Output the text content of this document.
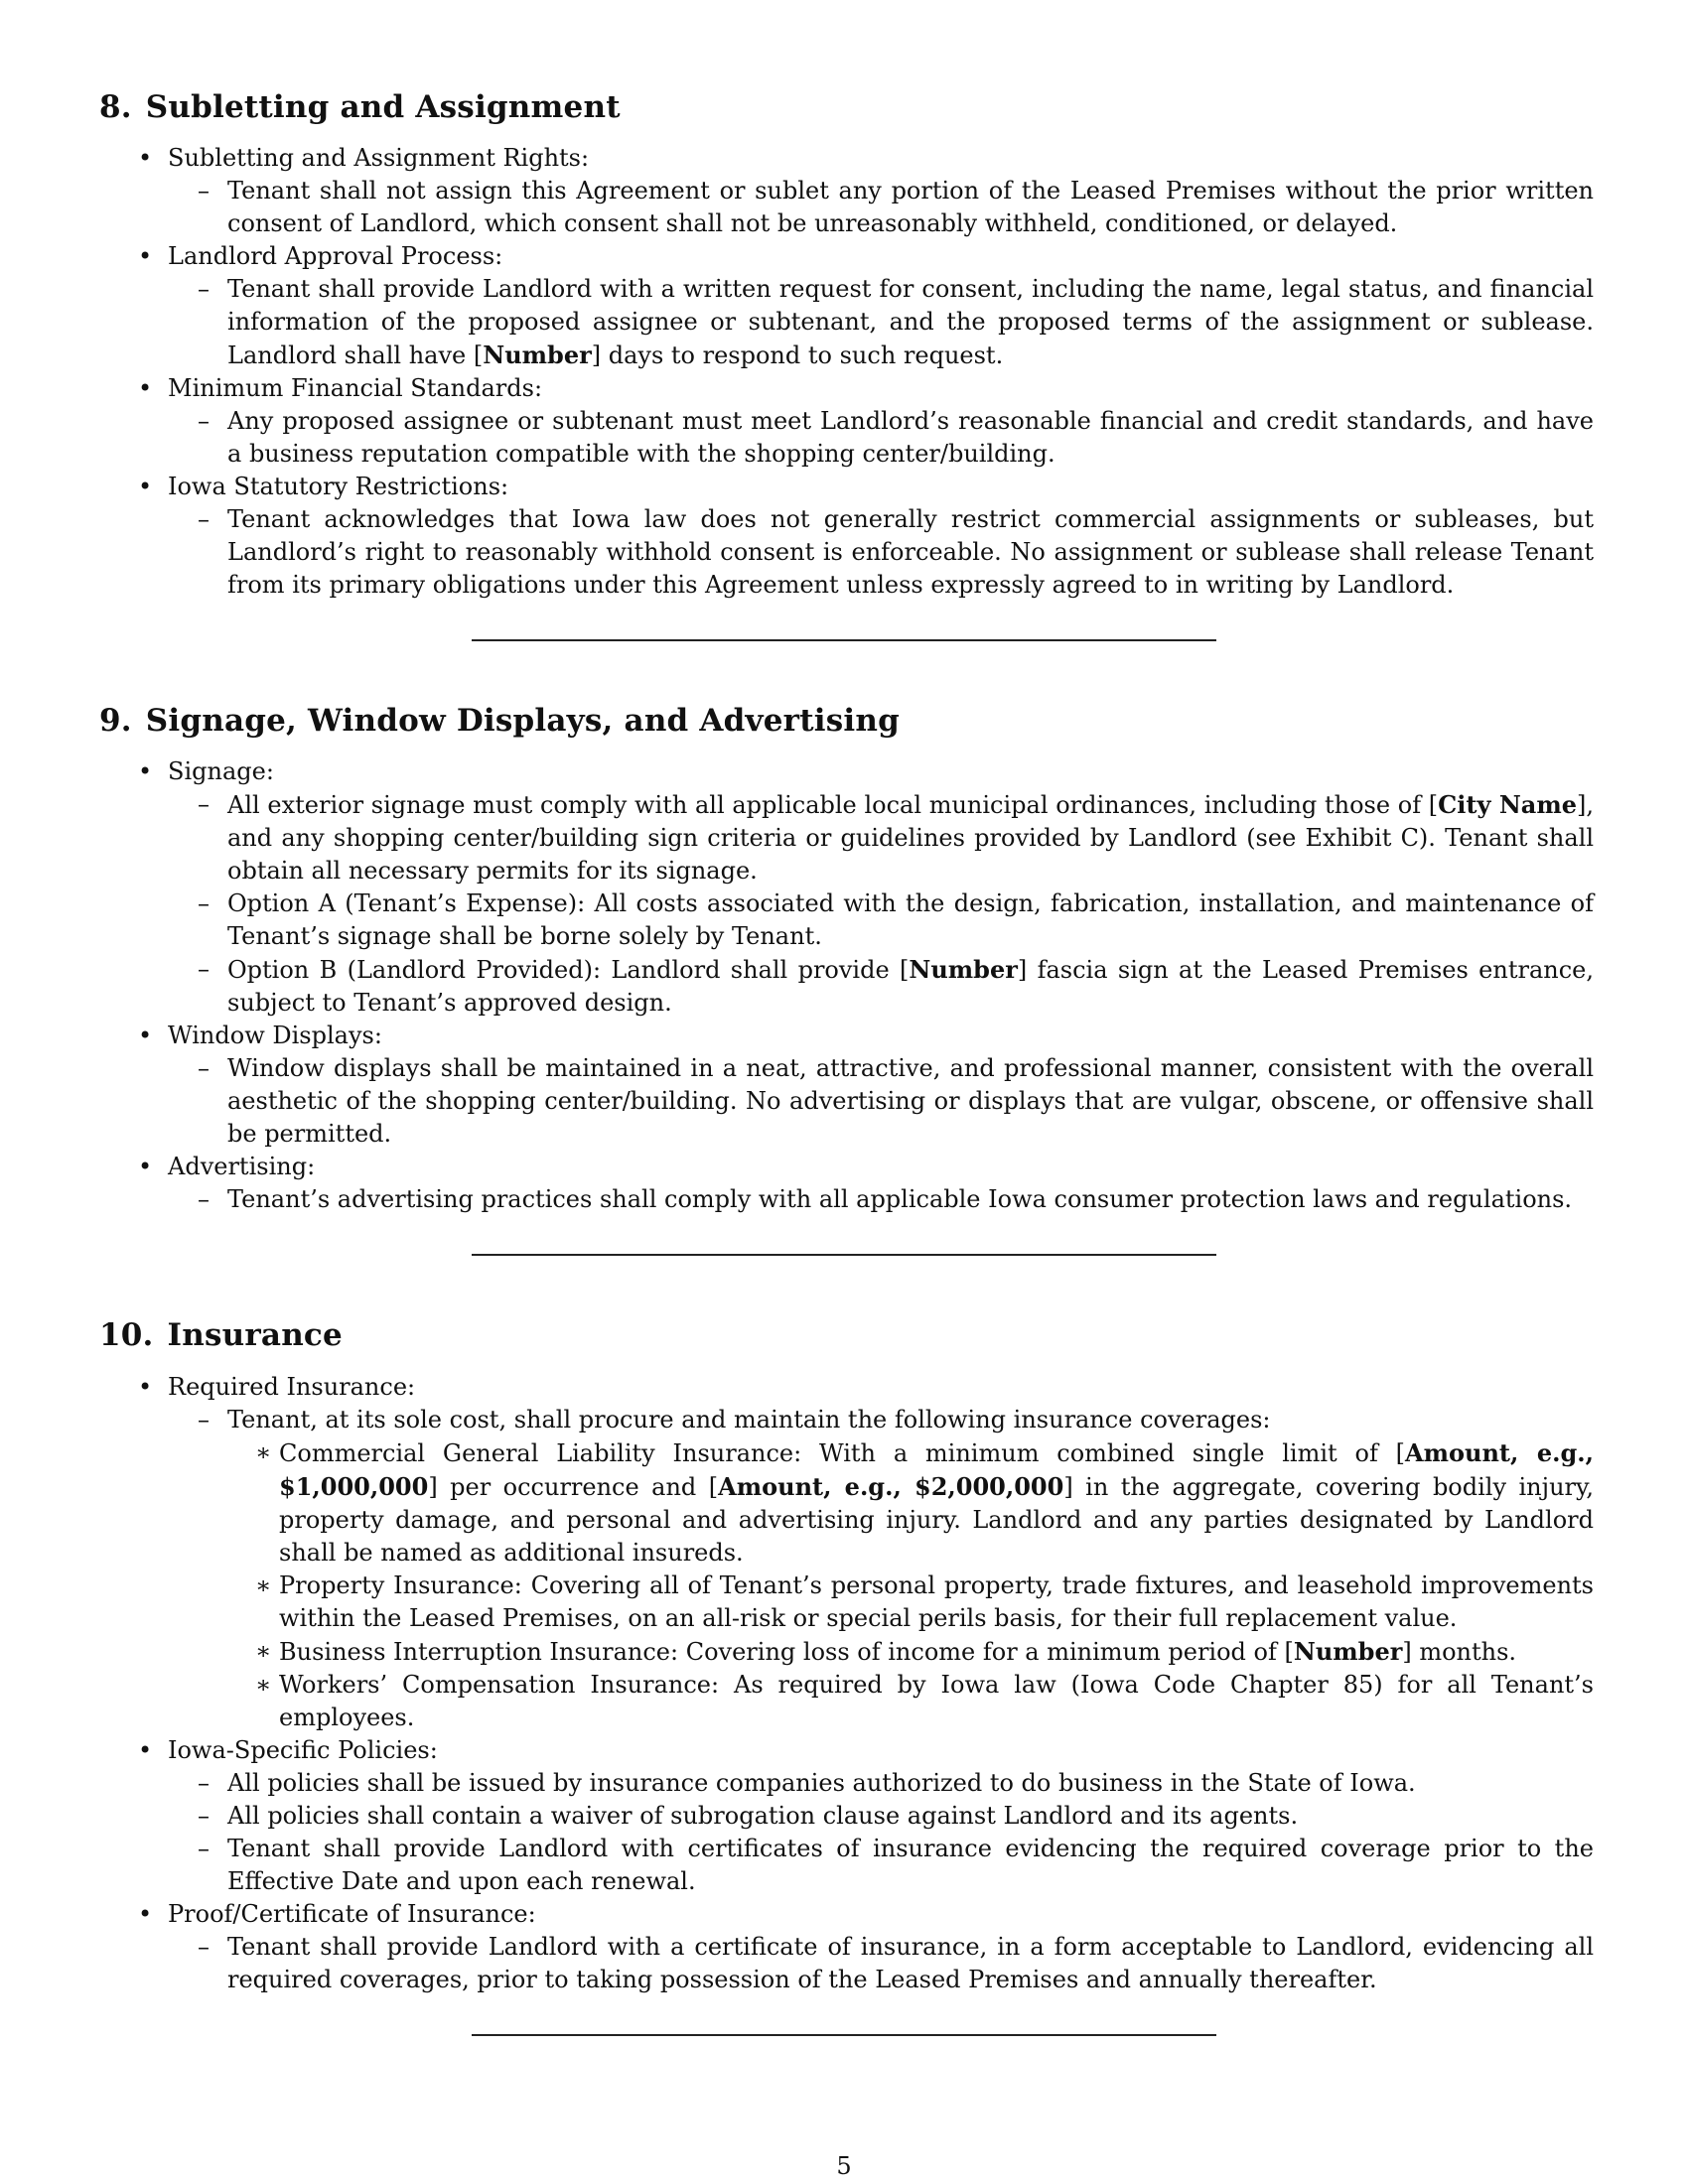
8. Subletting and Assignment
• Subletting and Assignment Rights:
– Tenant shall not assign this Agreement or sublet any portion of the Leased Premises without the prior written consent of Landlord, which consent shall not be unreasonably withheld, conditioned, or delayed.
• Landlord Approval Process:
– Tenant shall provide Landlord with a written request for consent, including the name, legal status, and financial information of the proposed assignee or subtenant, and the proposed terms of the assignment or sublease. Landlord shall have [Number] days to respond to such request.
• Minimum Financial Standards:
– Any proposed assignee or subtenant must meet Landlord’s reasonable financial and credit standards, and have a business reputation compatible with the shopping center/building.
• Iowa Statutory Restrictions:
– Tenant acknowledges that Iowa law does not generally restrict commercial assignments or subleases, but Landlord’s right to reasonably withhold consent is enforceable. No assignment or sublease shall release Tenant from its primary obligations under this Agreement unless expressly agreed to in writing by Landlord.
9. Signage, Window Displays, and Advertising
• Signage:
– All exterior signage must comply with all applicable local municipal ordinances, including those of [City Name], and any shopping center/building sign criteria or guidelines provided by Landlord (see Exhibit C). Tenant shall obtain all necessary permits for its signage.
– Option A (Tenant’s Expense): All costs associated with the design, fabrication, installation, and maintenance of Tenant’s signage shall be borne solely by Tenant.
– Option B (Landlord Provided): Landlord shall provide [Number] fascia sign at the Leased Premises entrance, subject to Tenant’s approved design.
• Window Displays:
– Window displays shall be maintained in a neat, attractive, and professional manner, consistent with the overall aesthetic of the shopping center/building. No advertising or displays that are vulgar, obscene, or offensive shall be permitted.
• Advertising:
– Tenant’s advertising practices shall comply with all applicable Iowa consumer protection laws and regulations.
10. Insurance
• Required Insurance:
– Tenant, at its sole cost, shall procure and maintain the following insurance coverages:
∗ Commercial General Liability Insurance: With a minimum combined single limit of [Amount, e.g., $1,000,000] per occurrence and [Amount, e.g., $2,000,000] in the aggregate, covering bodily injury, property damage, and personal and advertising injury. Landlord and any parties designated by Landlord shall be named as additional insureds.
∗ Property Insurance: Covering all of Tenant’s personal property, trade fixtures, and leasehold improvements within the Leased Premises, on an all-risk or special perils basis, for their full replacement value.
∗ Business Interruption Insurance: Covering loss of income for a minimum period of [Number] months.
∗ Workers’ Compensation Insurance: As required by Iowa law (Iowa Code Chapter 85) for all Tenant’s employees.
• Iowa-Specific Policies:
– All policies shall be issued by insurance companies authorized to do business in the State of Iowa.
– All policies shall contain a waiver of subrogation clause against Landlord and its agents.
– Tenant shall provide Landlord with certificates of insurance evidencing the required coverage prior to the Effective Date and upon each renewal.
• Proof/Certificate of Insurance:
– Tenant shall provide Landlord with a certificate of insurance, in a form acceptable to Landlord, evidencing all required coverages, prior to taking possession of the Leased Premises and annually thereafter.
5
